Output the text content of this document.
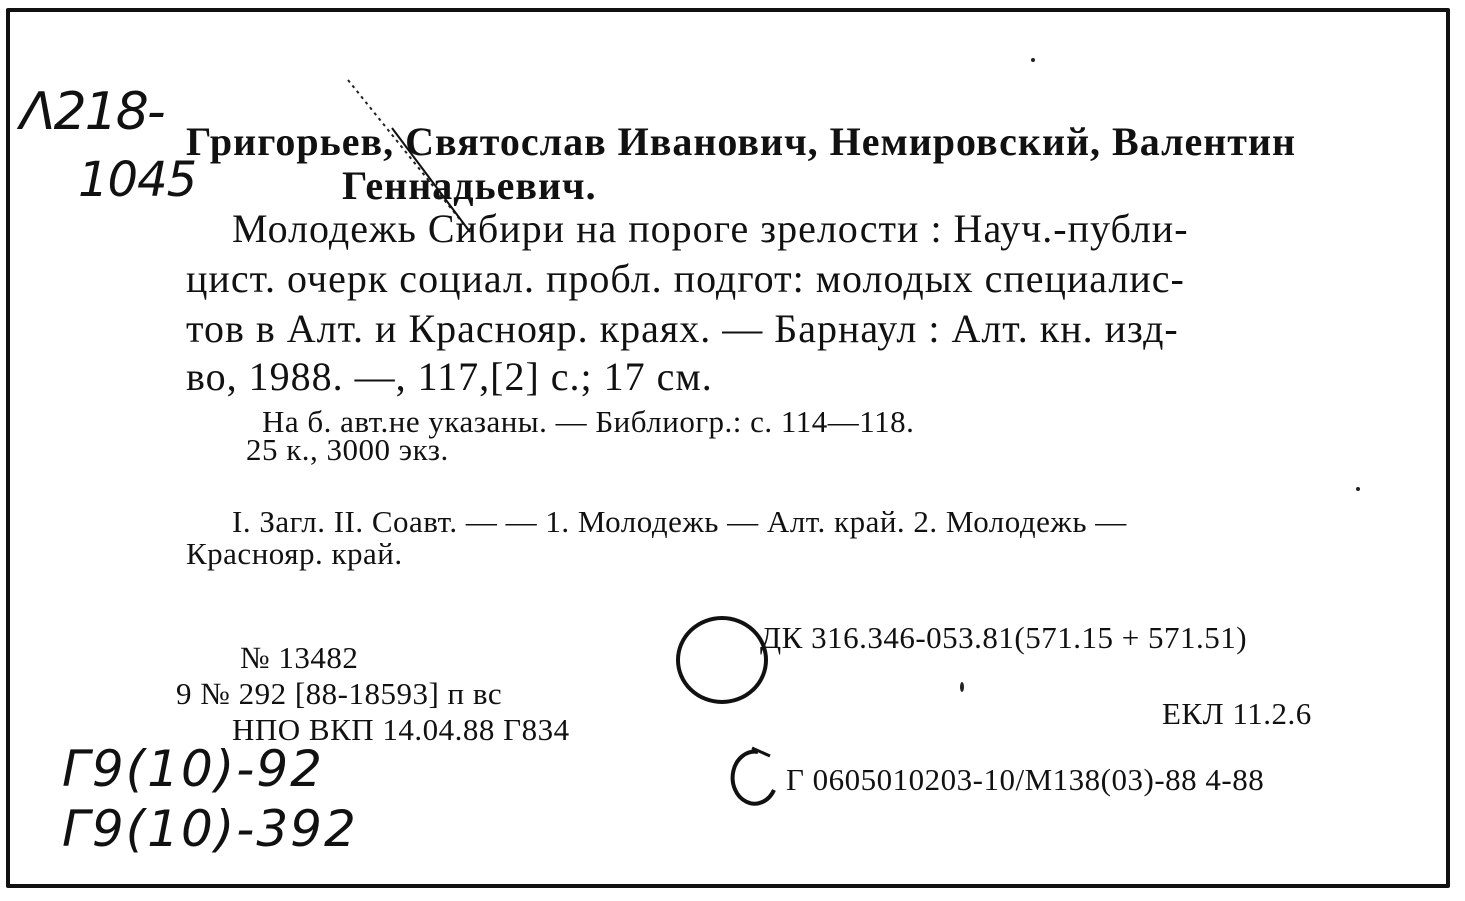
Λ218-
1045
Григорьев, Святослав Иванович, Немировский, Валентин
Геннадьевич.
Молодежь Сибири на пороге зрелости : Науч.-публи-
цист. очерк социал. пробл. подгот: молодых специалис-
тов в Алт. и Краснояр. краях. — Барнаул : Алт. кн. изд-
во, 1988. —, 117,[2] с.; 17 см.
На б. авт.не указаны. — Библиогр.: с. 114—118.
25 к., 3000 экз.
I. Загл. II. Соавт. — — 1. Молодежь — Алт. край. 2. Молодежь —
Краснояр. край.
№ 13482
9 № 292 [88-18593] п вс
НПО ВКП 14.04.88 Г834
ДК 316.346-053.81(571.15 + 571.51)
ЕКЛ 11.2.6
Г 0605010203-10/М138(03)-88 4-88
Г9(10)-92
Г9(10)-392
